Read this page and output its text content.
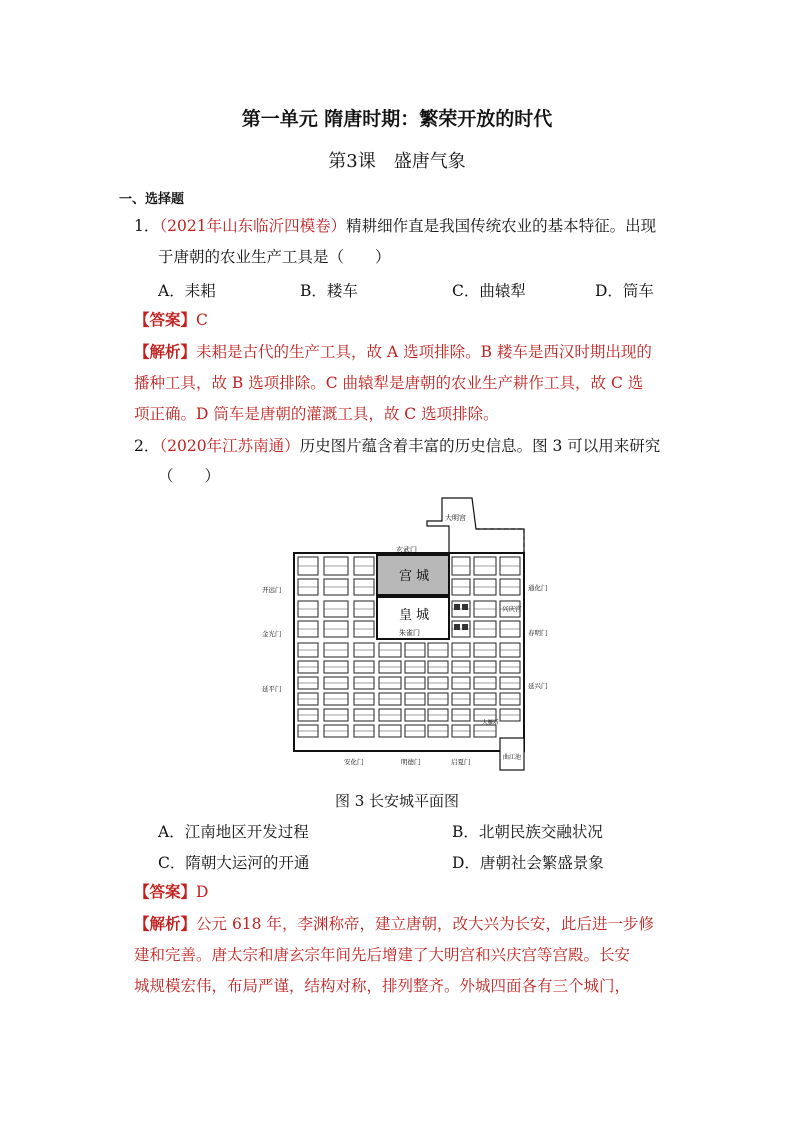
第一单元 隋唐时期：繁荣开放的时代
第3课　盛唐气象
一、选择题
1．（2021年山东临沂四模卷）精耕细作直是我国传统农业的基本特征。出现
于唐朝的农业生产工具是（　　）
A．耒耜	B．耧车	C．曲辕犁	D．筒车
【答案】C
【解析】耒耜是古代的生产工具，故 A 选项排除。B 耧车是西汉时期出现的
播种工具，故 B 选项排除。C 曲辕犁是唐朝的农业生产耕作工具，故 C 选
项正确。D 筒车是唐朝的灌溉工具，故 C 选项排除。
2．（2020年江苏南通）历史图片蕴含着丰富的历史信息。图 3 可以用来研究
（　　）
大明宫
玄武门
宫 城
皇 城
朱雀门
开远门
金光门
延平门
通化门
兴庆宫
春明门
延兴门
大雁塔
安化门	明德门	启夏门
曲江池
图 3 长安城平面图
A．江南地区开发过程	B．北朝民族交融状况
C．隋朝大运河的开通	D．唐朝社会繁盛景象
【答案】D
【解析】公元 618 年，李渊称帝，建立唐朝，改大兴为长安，此后进一步修
建和完善。唐太宗和唐玄宗年间先后增建了大明宫和兴庆宫等宫殿。长安
城规模宏伟，布局严谨，结构对称，排列整齐。外城四面各有三个城门，
